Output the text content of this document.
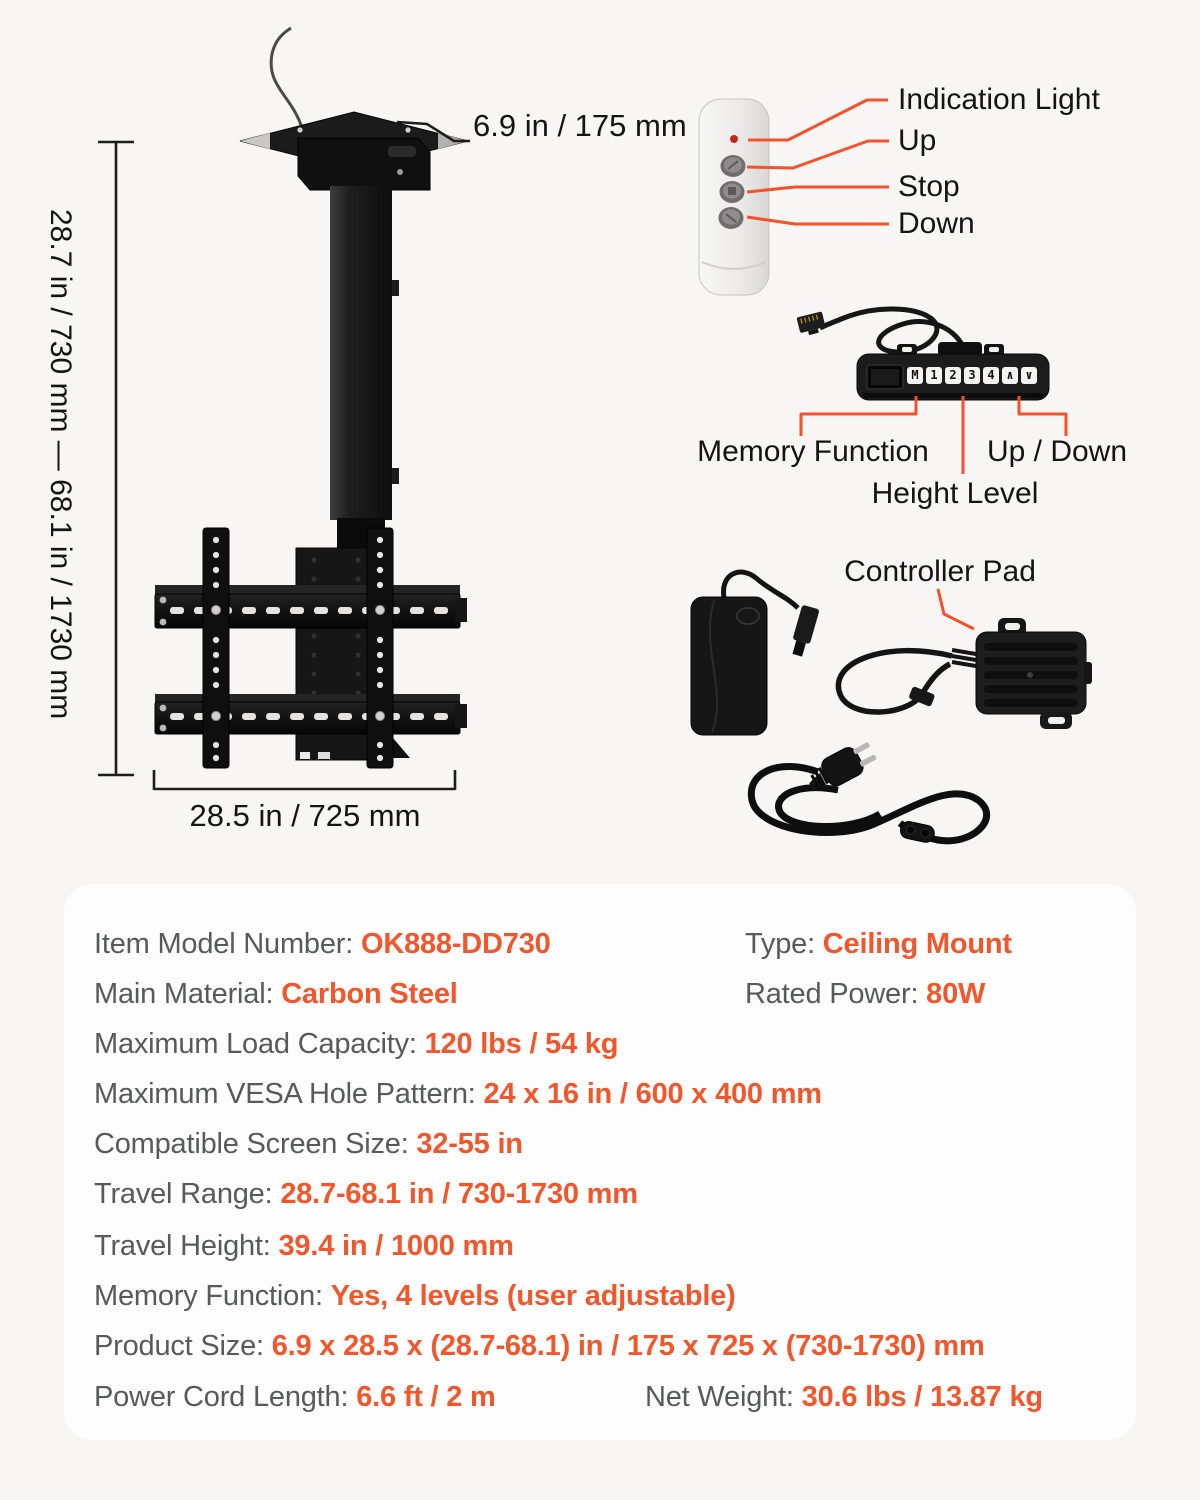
6.9 in / 175 mm
28.7 in / 730 mm — 68.1 in / 1730 mm
28.5 in / 725 mm
Indication Light
Up
Stop
Down
Memory Function
Height Level
Up / Down
Controller Pad
M 1 2 3 4 ∧ ∨
Item Model Number: OK888-DD730	Type: Ceiling Mount
Main Material: Carbon Steel	Rated Power: 80W
Maximum Load Capacity: 120 lbs / 54 kg
Maximum VESA Hole Pattern: 24 x 16 in / 600 x 400 mm
Compatible Screen Size: 32-55 in
Travel Range: 28.7-68.1 in / 730-1730 mm
Travel Height: 39.4 in / 1000 mm
Memory Function: Yes, 4 levels (user adjustable)
Product Size: 6.9 x 28.5 x (28.7-68.1) in / 175 x 725 x (730-1730) mm
Power Cord Length: 6.6 ft / 2 m	Net Weight: 30.6 lbs / 13.87 kg
